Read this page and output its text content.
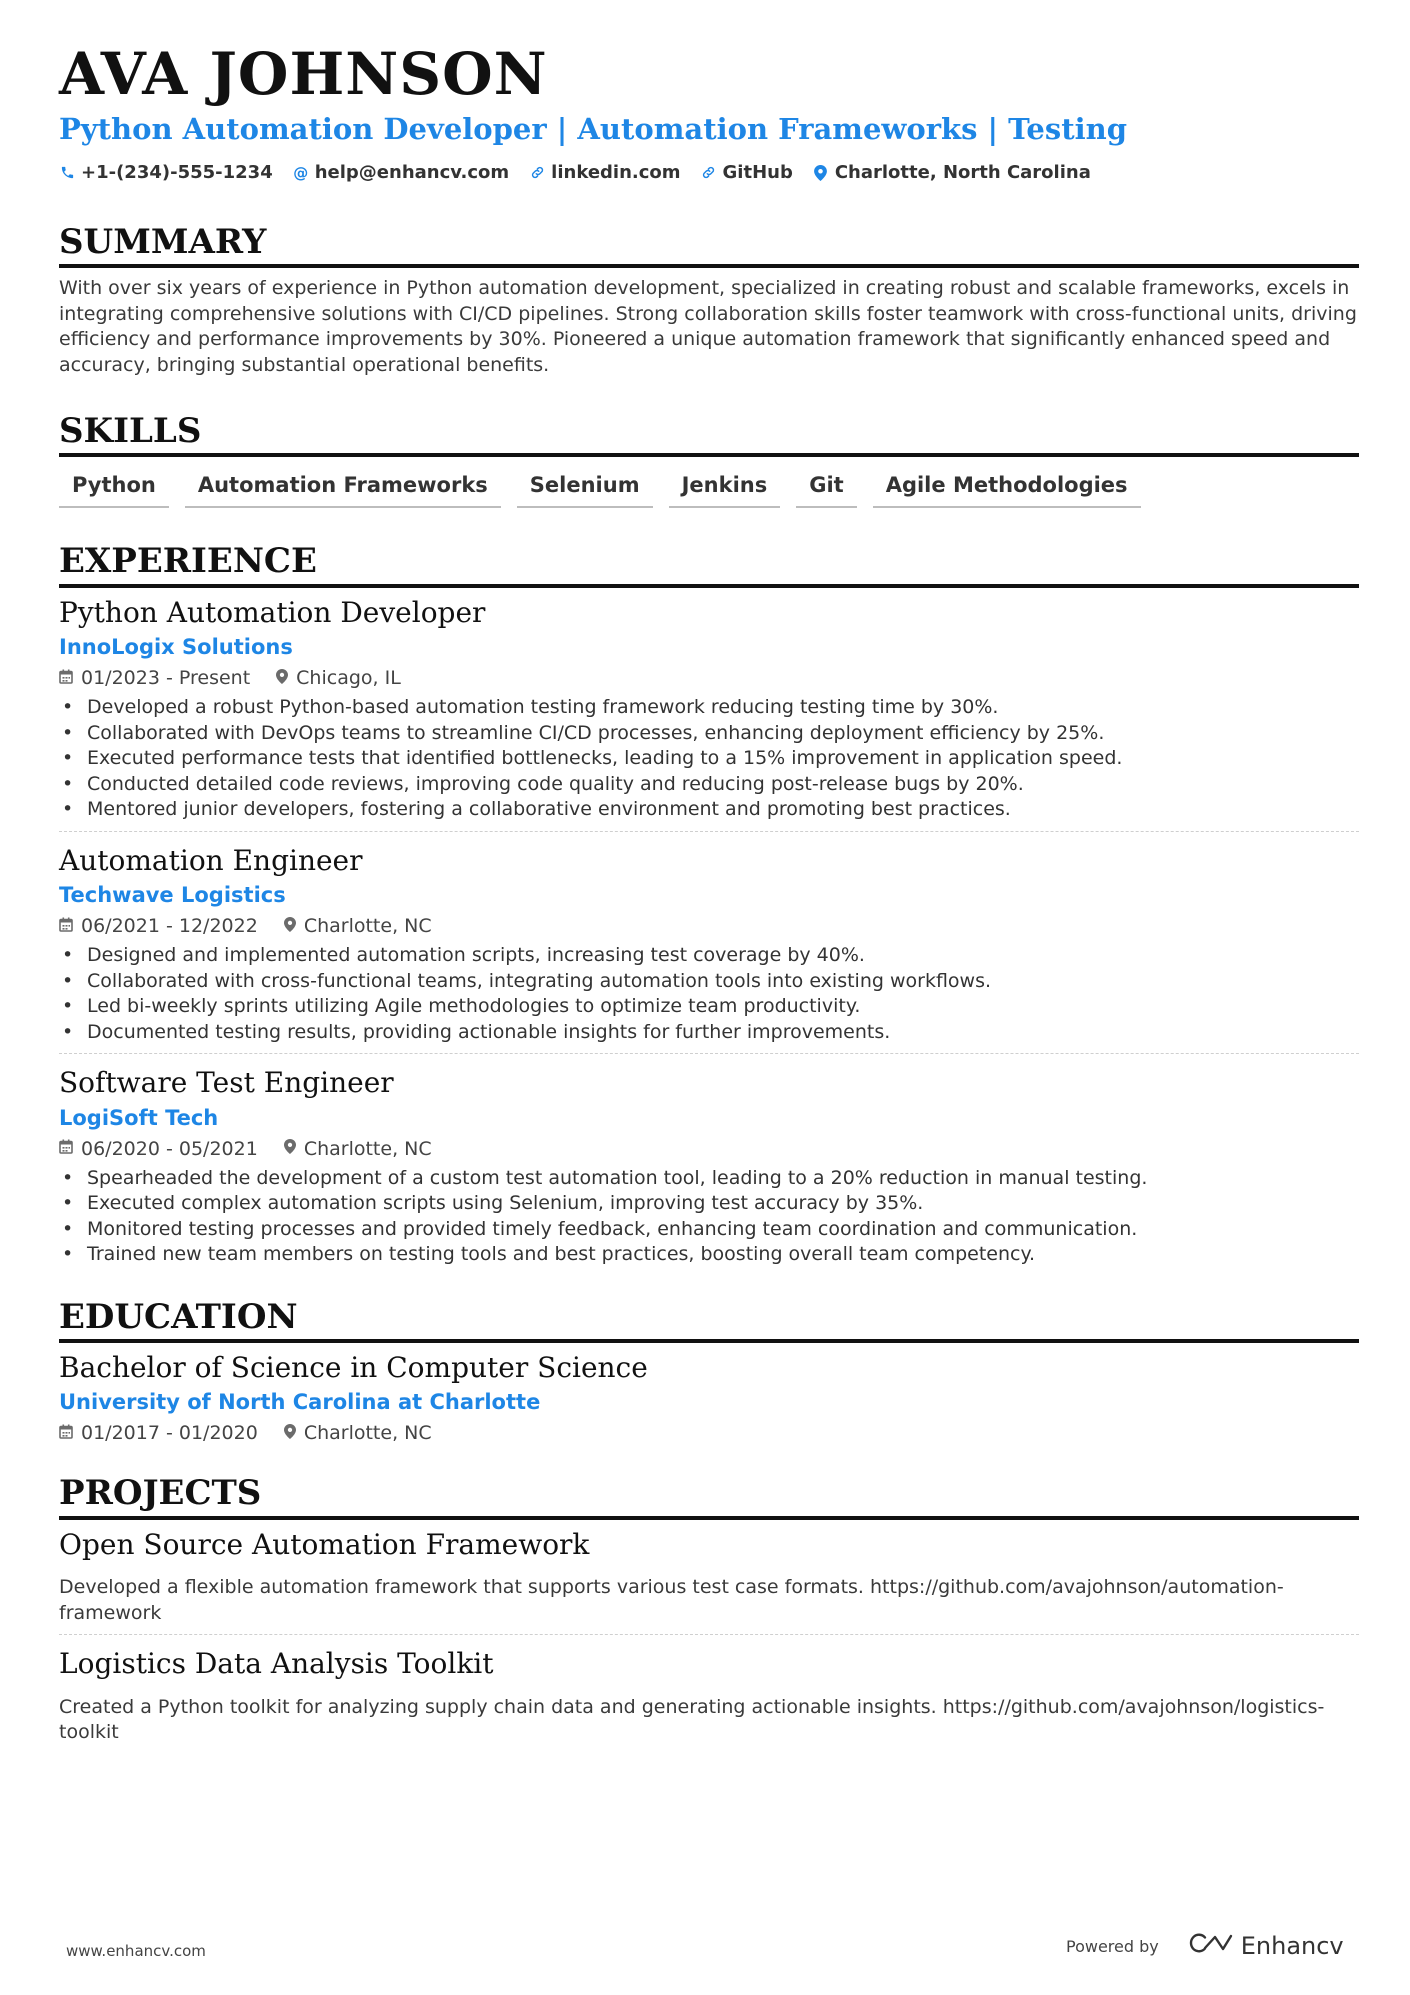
AVA JOHNSON
Python Automation Developer | Automation Frameworks | Testing
+1-(234)-555-1234 @ help@enhancv.com linkedin.com GitHub Charlotte, North Carolina
SUMMARY
With over six years of experience in Python automation development, specialized in creating robust and scalable frameworks, excels in integrating comprehensive solutions with CI/CD pipelines. Strong collaboration skills foster teamwork with cross-functional units, driving efficiency and performance improvements by 30%. Pioneered a unique automation framework that significantly enhanced speed and accuracy, bringing substantial operational benefits.
SKILLS
Python	Automation Frameworks	Selenium	Jenkins	Git	Agile Methodologies
EXPERIENCE
Python Automation Developer
InnoLogix Solutions
01/2023 - Present Chicago, IL
• Developed a robust Python-based automation testing framework reducing testing time by 30%.
• Collaborated with DevOps teams to streamline CI/CD processes, enhancing deployment efficiency by 25%.
• Executed performance tests that identified bottlenecks, leading to a 15% improvement in application speed.
• Conducted detailed code reviews, improving code quality and reducing post-release bugs by 20%.
• Mentored junior developers, fostering a collaborative environment and promoting best practices.
Automation Engineer
Techwave Logistics
06/2021 - 12/2022 Charlotte, NC
• Designed and implemented automation scripts, increasing test coverage by 40%.
• Collaborated with cross-functional teams, integrating automation tools into existing workflows.
• Led bi-weekly sprints utilizing Agile methodologies to optimize team productivity.
• Documented testing results, providing actionable insights for further improvements.
Software Test Engineer
LogiSoft Tech
06/2020 - 05/2021 Charlotte, NC
• Spearheaded the development of a custom test automation tool, leading to a 20% reduction in manual testing.
• Executed complex automation scripts using Selenium, improving test accuracy by 35%.
• Monitored testing processes and provided timely feedback, enhancing team coordination and communication.
• Trained new team members on testing tools and best practices, boosting overall team competency.
EDUCATION
Bachelor of Science in Computer Science
University of North Carolina at Charlotte
01/2017 - 01/2020 Charlotte, NC
PROJECTS
Open Source Automation Framework
Developed a flexible automation framework that supports various test case formats. https://github.com/avajohnson/automation-framework
Logistics Data Analysis Toolkit
Created a Python toolkit for analyzing supply chain data and generating actionable insights. https://github.com/avajohnson/logistics-toolkit
www.enhancv.com	Powered by	Enhancv
